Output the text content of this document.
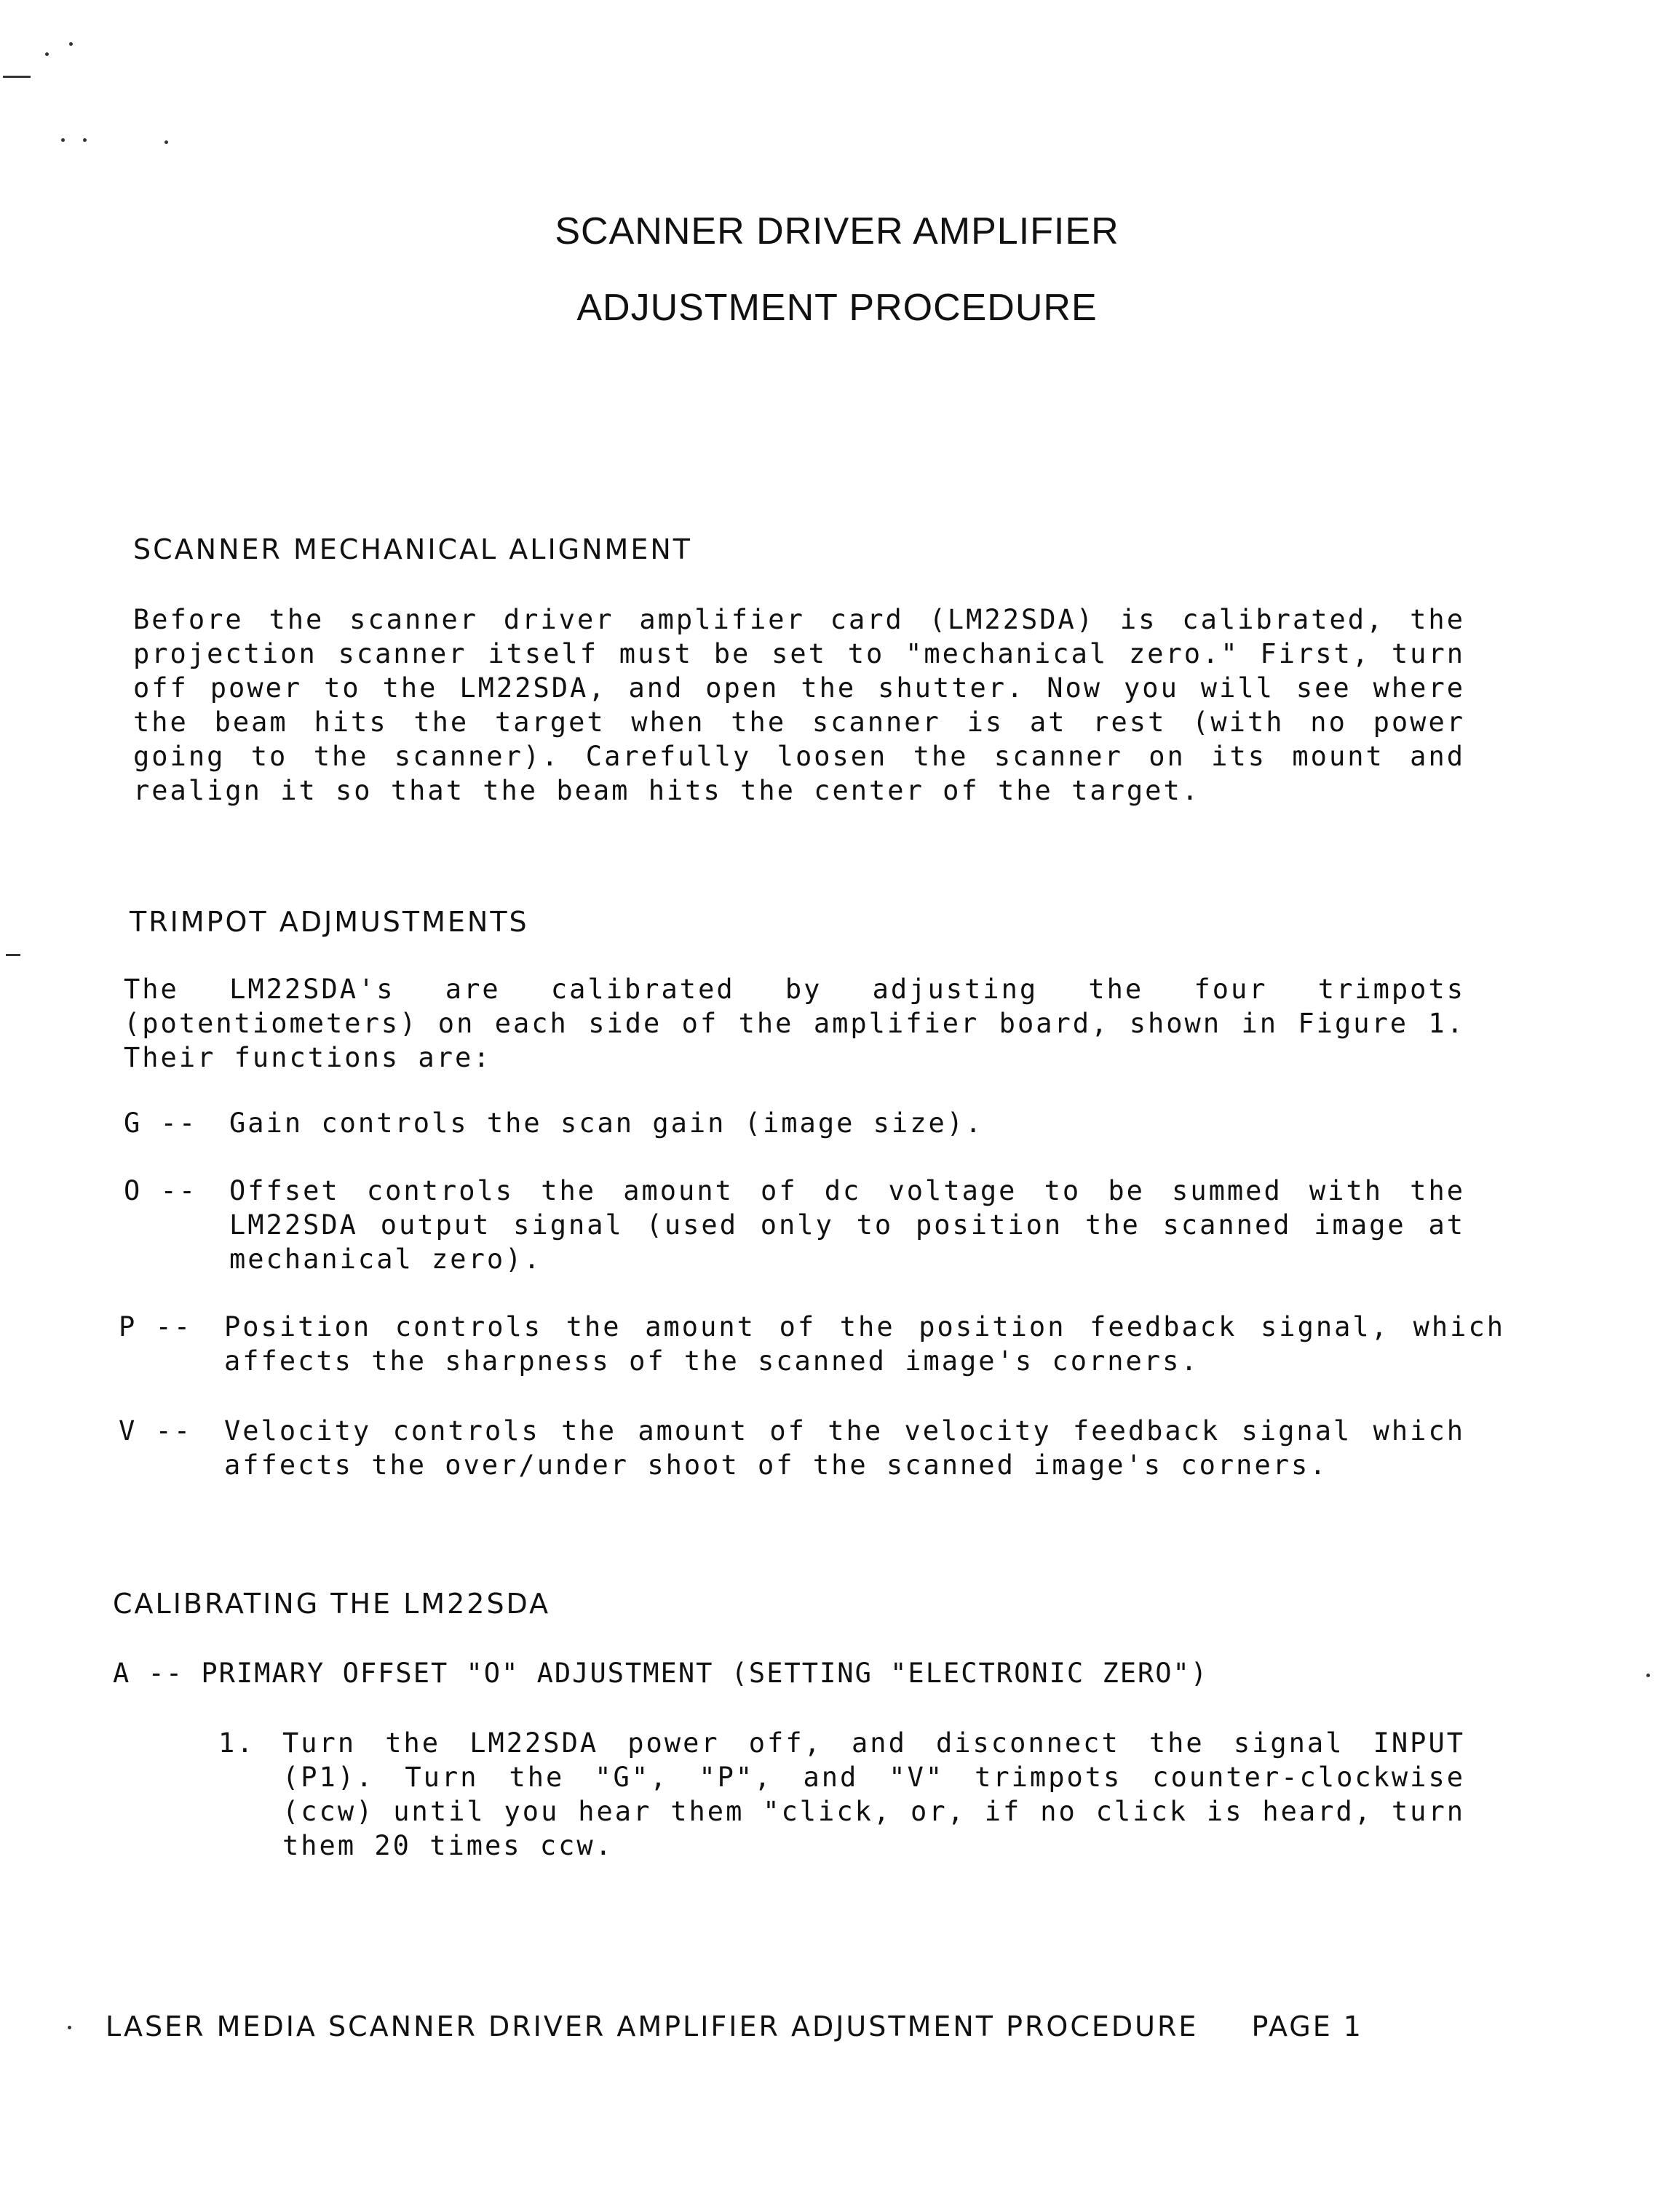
SCANNER DRIVER AMPLIFIER
ADJUSTMENT PROCEDURE
SCANNER MECHANICAL ALIGNMENT
Before the scanner driver amplifier card (LM22SDA) is calibrated, the projection scanner itself must be set to "mechanical zero." First, turn off power to the LM22SDA, and open the shutter. Now you will see where the beam hits the target when the scanner is at rest (with no power going to the scanner). Carefully loosen the scanner on its mount and realign it so that the beam hits the center of the target.
TRIMPOT ADJMUSTMENTS
The LM22SDA's are calibrated by adjusting the four trimpots (potentiometers) on each side of the amplifier board, shown in Figure 1. Their functions are:
G -- Gain controls the scan gain (image size).
O -- Offset controls the amount of dc voltage to be summed with the LM22SDA output signal (used only to position the scanned image at mechanical zero).
P -- Position controls the amount of the position feedback signal, which affects the sharpness of the scanned image's corners.
V -- Velocity controls the amount of the velocity feedback signal which affects the over/under shoot of the scanned image's corners.
CALIBRATING THE LM22SDA
A -- PRIMARY OFFSET "O" ADJUSTMENT (SETTING "ELECTRONIC ZERO")
1. Turn the LM22SDA power off, and disconnect the signal INPUT (P1). Turn the "G", "P", and "V" trimpots counter-clockwise (ccw) until you hear them "click, or, if no click is heard, turn them 20 times ccw.
LASER MEDIA SCANNER DRIVER AMPLIFIER ADJUSTMENT PROCEDURE PAGE 1
